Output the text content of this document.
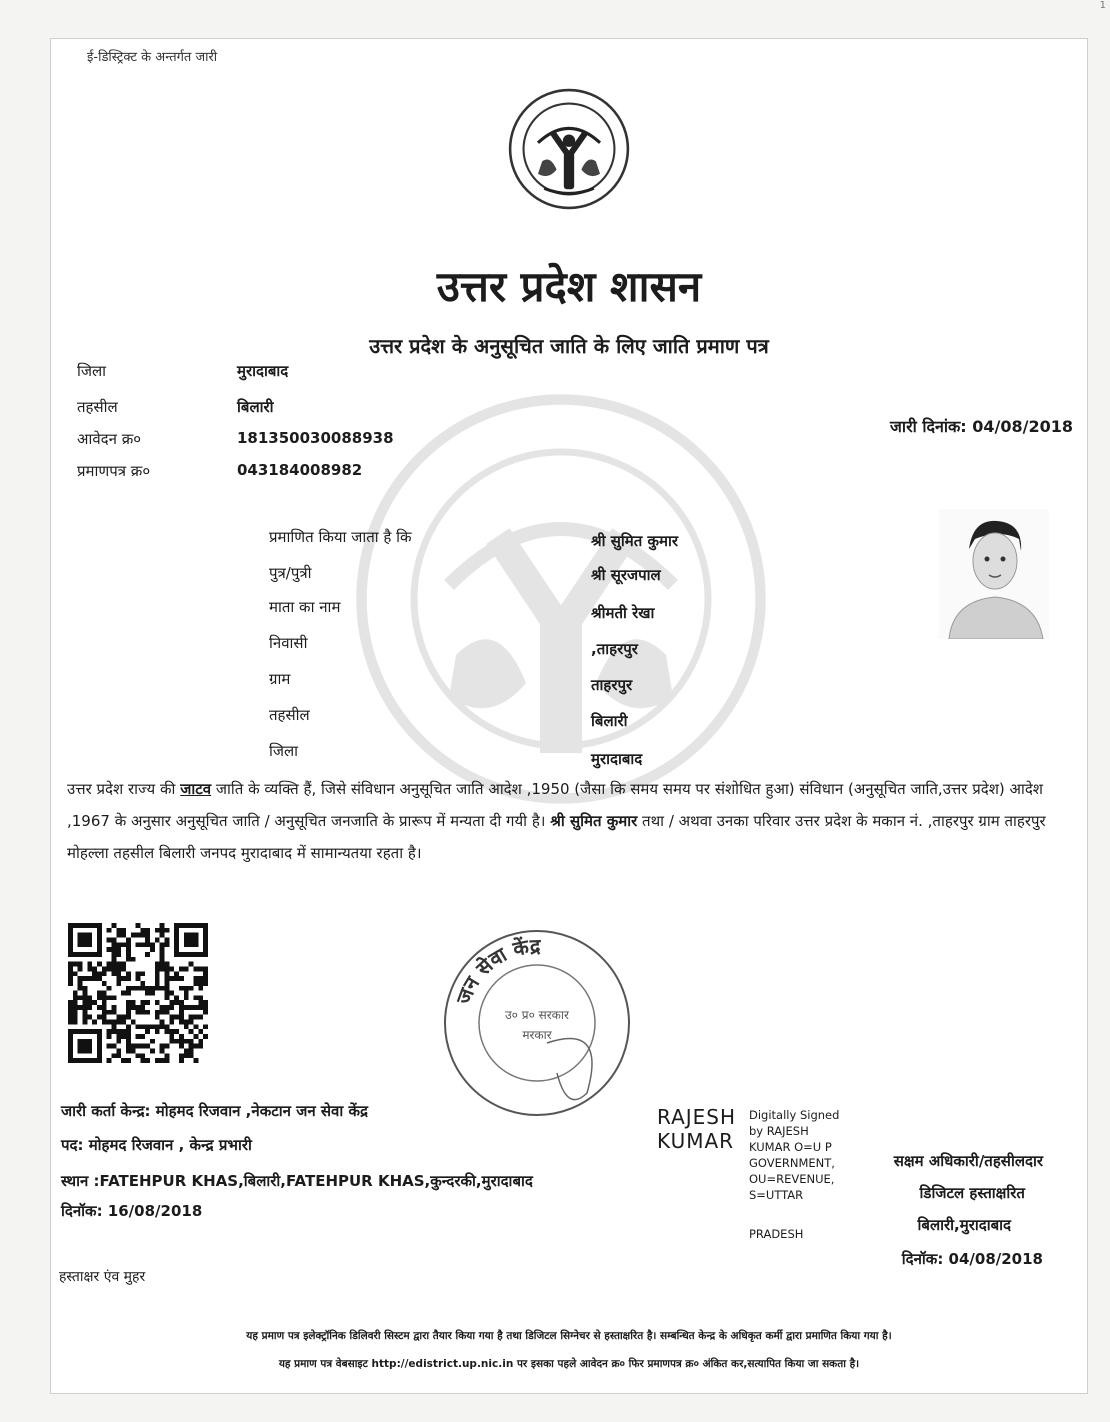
ई-डिस्ट्रिक्ट के अन्तर्गत जारी
उत्तर प्रदेश शासन
उत्तर प्रदेश के अनुसूचित जाति के लिए जाति प्रमाण पत्र
जिला	मुरादाबाद
तहसील	बिलारी
आवेदन क्र०	181350030088938
प्रमाणपत्र क्र०	043184008982
जारी दिनांक: 04/08/2018
प्रमाणित किया जाता है कि	श्री सुमित कुमार
पुत्र/पुत्री	श्री सूरजपाल
माता का नाम	श्रीमती रेखा
निवासी	,ताहरपुर
ग्राम	ताहरपुर
तहसील	बिलारी
जिला	मुरादाबाद
उत्तर प्रदेश राज्य की जाटव जाति के व्यक्ति हैं, जिसे संविधान अनुसूचित जाति आदेश ,1950 (जैसा कि समय समय पर संशोधित हुआ) संविधान (अनुसूचित जाति,उत्तर प्रदेश) आदेश ,1967 के अनुसार अनुसूचित जाति / अनुसूचित जनजाति के प्रारूप में मन्यता दी गयी है। श्री सुमित कुमार तथा / अथवा उनका परिवार उत्तर प्रदेश के मकान नं. ,ताहरपुर ग्राम ताहरपुर मोहल्ला तहसील बिलारी जनपद मुरादाबाद में सामान्यतया रहता है।
जन सेवा केंद्र
उ० प्र० सरकार
मरकार
जारी कर्ता केन्द्र: मोहमद रिजवान ,नेकटान जन सेवा केंद्र
पद: मोहमद रिजवान , केन्द्र प्रभारी
स्थान :FATEHPUR KHAS,बिलारी,FATEHPUR KHAS,कुन्दरकी,मुरादाबाद
दिनॉक: 16/08/2018
हस्ताक्षर एंव मुहर
RAJESH
KUMAR
Digitally Signed
by RAJESH
KUMAR O=U P
GOVERNMENT,
OU=REVENUE,
S=UTTAR
PRADESH
सक्षम अधिकारी/तहसीलदार
डिजिटल हस्ताक्षरित
बिलारी,मुरादाबाद
दिनॉक: 04/08/2018
यह प्रमाण पत्र इलेक्ट्रॉनिक डिलिवरी सिस्टम द्वारा तैयार किया गया है तथा डिजिटल सिग्नेचर से हस्ताक्षरित है। सम्बन्धित केन्द्र के अधिकृत कर्मी द्वारा प्रमाणित किया गया है।
यह प्रमाण पत्र वेबसाइट http://edistrict.up.nic.in पर इसका पहले आवेदन क्र० फिर प्रमाणपत्र क्र० अंकित कर,सत्यापित किया जा सकता है।
1
